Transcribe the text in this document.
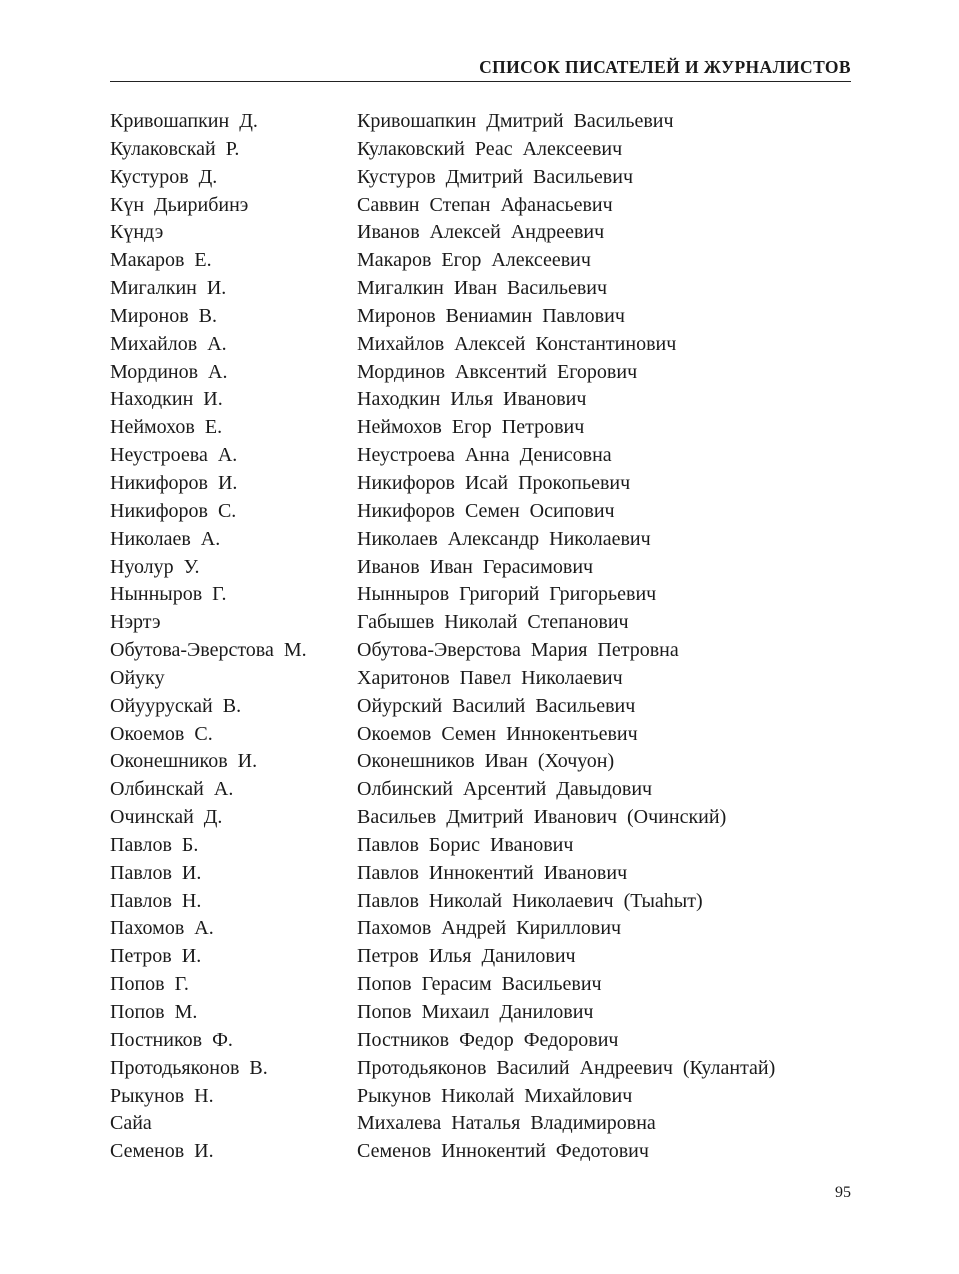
СПИСОК ПИСАТЕЛЕЙ И ЖУРНАЛИСТОВ
Кривошапкин Д.	Кривошапкин Дмитрий Васильевич
Кулаковскай Р.	Кулаковский Реас Алексеевич
Кустуров Д.	Кустуров Дмитрий Васильевич
Күн Дьирибинэ	Саввин Степан Афанасьевич
Күндэ	Иванов Алексей Андреевич
Макаров Е.	Макаров Егор Алексеевич
Мигалкин И.	Мигалкин Иван Васильевич
Миронов В.	Миронов Вениамин Павлович
Михайлов А.	Михайлов Алексей Константинович
Мординов А.	Мординов Авксентий Егорович
Находкин И.	Находкин Илья Иванович
Неймохов Е.	Неймохов Егор Петрович
Неустроева А.	Неустроева Анна Денисовна
Никифоров И.	Никифоров Исай Прокопьевич
Никифоров С.	Никифоров Семен Осипович
Николаев А.	Николаев Александр Николаевич
Нуолур У.	Иванов Иван Герасимович
Нынныров Г.	Нынныров Григорий Григорьевич
Нэртэ	Габышев Николай Степанович
Обутова-Эверстова М.	Обутова-Эверстова Мария Петровна
Ойуку	Харитонов Павел Николаевич
Ойуурускай В.	Ойурский Василий Васильевич
Окоемов С.	Окоемов Семен Иннокентьевич
Оконешников И.	Оконешников Иван (Хочуон)
Олбинскай А.	Олбинский Арсентий Давыдович
Очинскай Д.	Васильев Дмитрий Иванович (Очинский)
Павлов Б.	Павлов Борис Иванович
Павлов И.	Павлов Иннокентий Иванович
Павлов Н.	Павлов Николай Николаевич (Тыаһыт)
Пахомов А.	Пахомов Андрей Кириллович
Петров И.	Петров Илья Данилович
Попов Г.	Попов Герасим Васильевич
Попов М.	Попов Михаил Данилович
Постников Ф.	Постников Федор Федорович
Протодьяконов В.	Протодьяконов Василий Андреевич (Кулантай)
Рыкунов Н.	Рыкунов Николай Михайлович
Сайа	Михалева Наталья Владимировна
Семенов И.	Семенов Иннокентий Федотович
95
